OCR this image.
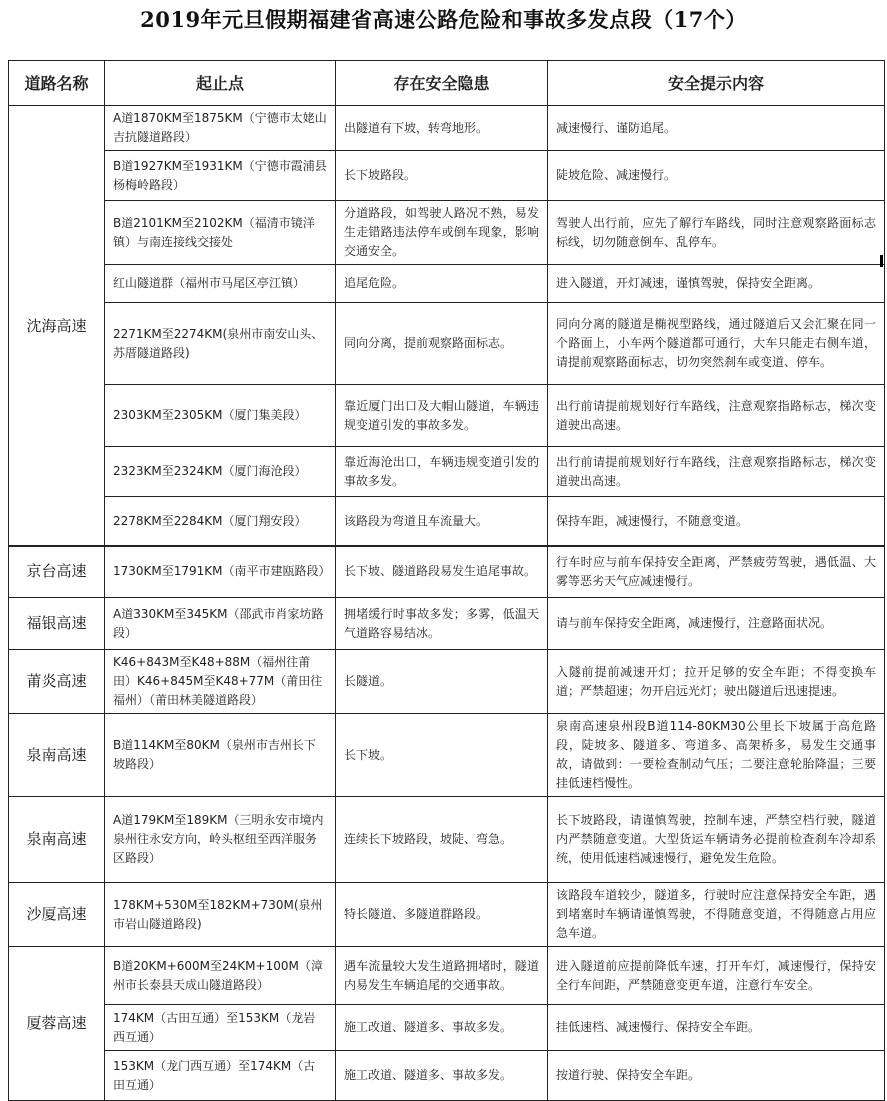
2019年元旦假期福建省高速公路危险和事故多发点段（17个）
道路名称	起止点	存在安全隐患	安全提示内容
沈海高速	A道1870KM至1875KM（宁德市太姥山吉抗隧道路段）	出隧道有下坡，转弯地形。	减速慢行、谨防追尾。
	B道1927KM至1931KM（宁德市霞浦县杨梅岭路段）	长下坡路段。	陡坡危险、减速慢行。
	B道2101KM至2102KM（福清市镜洋镇）与南连接线交接处	分道路段，如驾驶人路况不熟，易发生走错路违法停车或倒车现象，影响交通安全。	驾驶人出行前，应先了解行车路线，同时注意观察路面标志标线，切勿随意倒车、乱停车。
	红山隧道群（福州市马尾区亭江镇）	追尾危险。	进入隧道，开灯减速，谨慎驾驶，保持安全距离。
	2271KM至2274KM(泉州市南安山头、苏厝隧道路段)	同向分离，提前观察路面标志。	同向分离的隧道是椭视型路线，通过隧道后又会汇聚在同一个路面上，小车两个隧道都可通行，大车只能走右侧车道，请提前观察路面标志，切勿突然刹车或变道、停车。
	2303KM至2305KM（厦门集美段）	靠近厦门出口及大帽山隧道，车辆违规变道引发的事故多发。	出行前请提前规划好行车路线，注意观察指路标志，梯次变道驶出高速。
	2323KM至2324KM（厦门海沧段）	靠近海沧出口，车辆违规变道引发的事故多发。	出行前请提前规划好行车路线，注意观察指路标志，梯次变道驶出高速。
	2278KM至2284KM（厦门翔安段）	该路段为弯道且车流量大。	保持车距，减速慢行，不随意变道。
京台高速	1730KM至1791KM（南平市建瓯路段）	长下坡、隧道路段易发生追尾事故。	行车时应与前车保持安全距离，严禁疲劳驾驶，遇低温、大雾等恶劣天气应减速慢行。
福银高速	A道330KM至345KM（邵武市肖家坊路段）	拥堵缓行时事故多发；多雾，低温天气道路容易结冰。	请与前车保持安全距离，减速慢行，注意路面状况。
莆炎高速	K46+843M至K48+88M（福州往莆田）K46+845M至K48+77M（莆田往福州）（莆田林美隧道路段）	长隧道。	入隧前提前减速开灯；拉开足够的安全车距；不得变换车道；严禁超速；勿开启远光灯；驶出隧道后迅速提速。
泉南高速	B道114KM至80KM（泉州市吉州长下坡路段）	长下坡。	泉南高速泉州段B道114-80KM30公里长下坡属于高危路段，陡坡多、隧道多、弯道多、高架桥多，易发生交通事故，请做到：一要检查制动气压；二要注意轮胎降温；三要挂低速档慢性。
泉南高速	A道179KM至189KM（三明永安市境内泉州往永安方向，岭头枢纽至西洋服务区路段）	连续长下坡路段，坡陡、弯急。	长下坡路段，请谨慎驾驶，控制车速，严禁空档行驶，隧道内严禁随意变道。大型货运车辆请务必提前检查刹车冷却系统，使用低速档减速慢行，避免发生危险。
沙厦高速	178KM+530M至182KM+730M(泉州市岩山隧道路段)	特长隧道、多隧道群路段。	该路段车道较少，隧道多，行驶时应注意保持安全车距，遇到堵塞时车辆请谨慎驾驶，不得随意变道，不得随意占用应急车道。
厦蓉高速	B道20KM+600M至24KM+100M（漳州市长泰县天成山隧道路段）	遇车流量较大发生道路拥堵时，隧道内易发生车辆追尾的交通事故。	进入隧道前应提前降低车速，打开车灯，减速慢行，保持安全行车间距，严禁随意变更车道，注意行车安全。
	174KM（古田互通）至153KM（龙岩西互通）	施工改道、隧道多、事故多发。	挂低速档、减速慢行、保持安全车距。
	153KM（龙门西互通）至174KM（古田互通）	施工改道、隧道多、事故多发。	按道行驶、保持安全车距。
